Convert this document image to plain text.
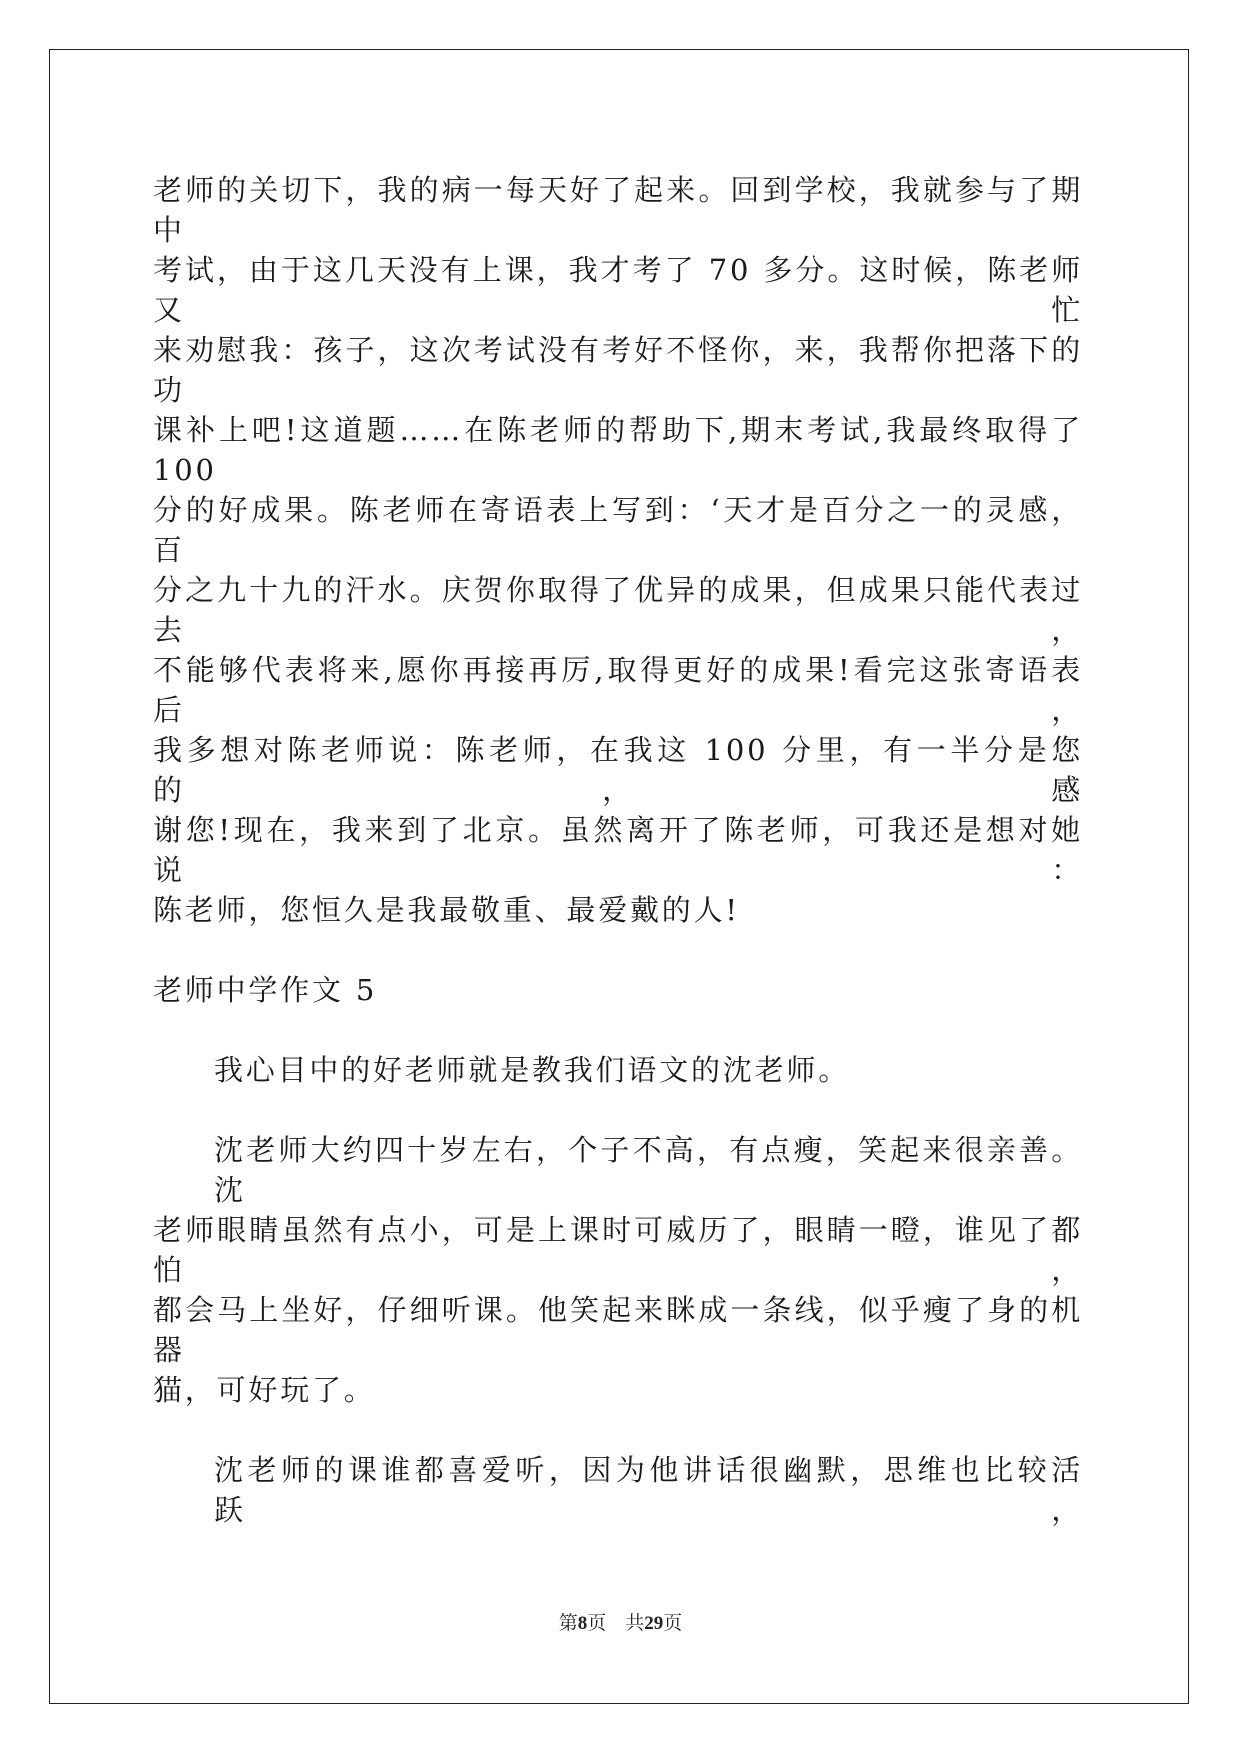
老师的关切下，我的病一每天好了起来。回到学校，我就参与了期中
考试，由于这几天没有上课，我才考了 70 多分。这时候，陈老师又忙
来劝慰我：孩子，这次考试没有考好不怪你，来，我帮你把落下的功
课补上吧!这道题……在陈老师的帮助下,期末考试,我最终取得了 100
分的好成果。陈老师在寄语表上写到：‘天才是百分之一的灵感，百
分之九十九的汗水。庆贺你取得了优异的成果，但成果只能代表过去，
不能够代表将来,愿你再接再厉,取得更好的成果!看完这张寄语表后，
我多想对陈老师说：陈老师，在我这 100 分里，有一半分是您的，感
谢您!现在，我来到了北京。虽然离开了陈老师，可我还是想对她说：
陈老师，您恒久是我最敬重、最爱戴的人!
老师中学作文 5
我心目中的好老师就是教我们语文的沈老师。
沈老师大约四十岁左右，个子不高，有点瘦，笑起来很亲善。沈
老师眼睛虽然有点小，可是上课时可威历了，眼睛一瞪，谁见了都怕，
都会马上坐好，仔细听课。他笑起来眯成一条线，似乎瘦了身的机器
猫，可好玩了。
沈老师的课谁都喜爱听，因为他讲话很幽默，思维也比较活跃，
第8页　共29页
